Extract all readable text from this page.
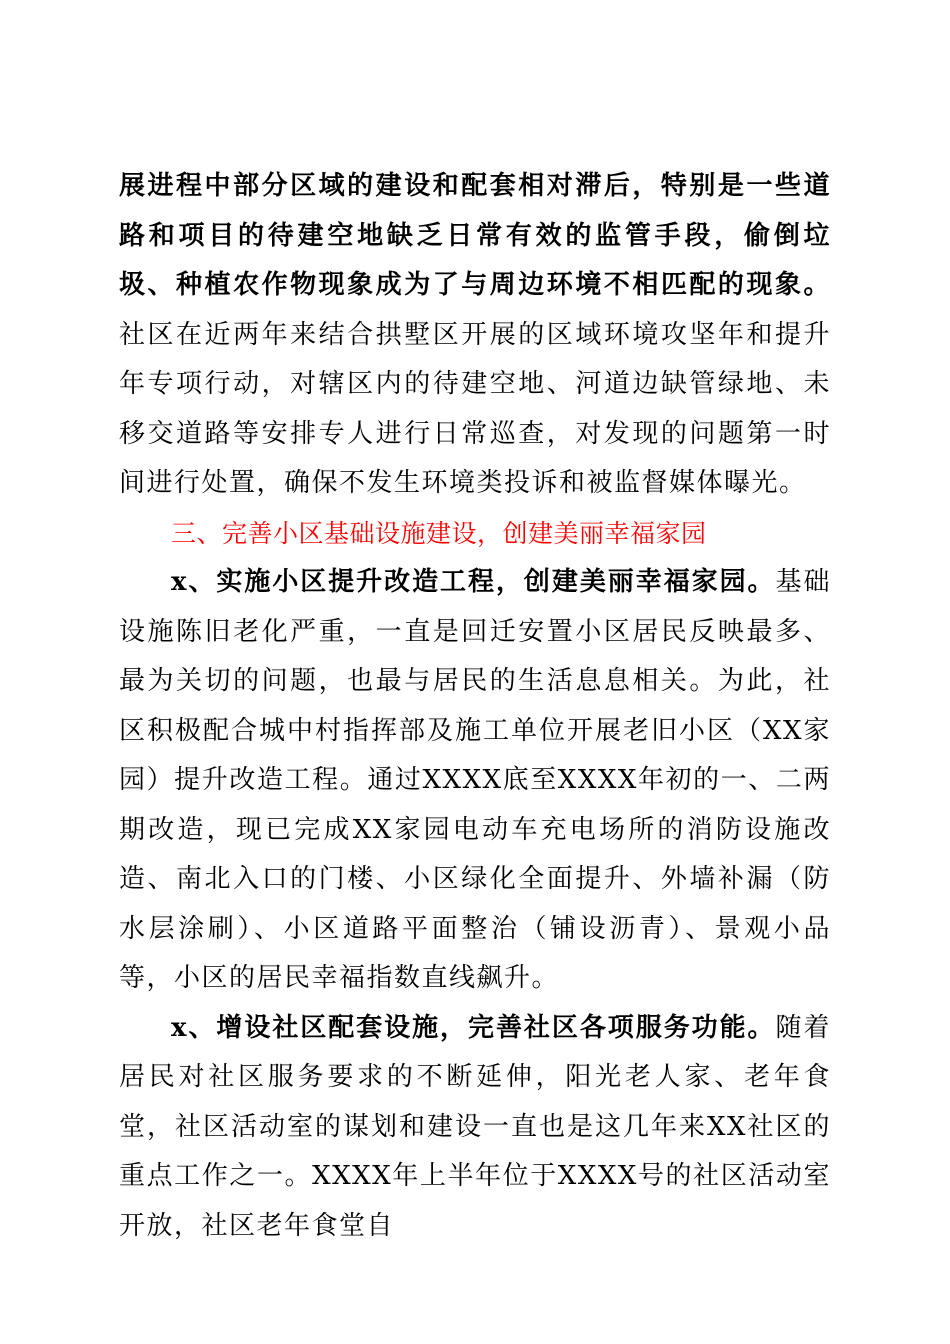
展进程中部分区域的建设和配套相对滞后，特别是一些道路和项目的待建空地缺乏日常有效的监管手段，偷倒垃圾、种植农作物现象成为了与周边环境不相匹配的现象。社区在近两年来结合拱墅区开展的区域环境攻坚年和提升年专项行动，对辖区内的待建空地、河道边缺管绿地、未移交道路等安排专人进行日常巡查，对发现的问题第一时间进行处置，确保不发生环境类投诉和被监督媒体曝光。

三、完善小区基础设施建设，创建美丽幸福家园

x、实施小区提升改造工程，创建美丽幸福家园。基础设施陈旧老化严重，一直是回迁安置小区居民反映最多、最为关切的问题，也最与居民的生活息息相关。为此，社区积极配合城中村指挥部及施工单位开展老旧小区（XX家园）提升改造工程。通过XXXX底至XXXX年初的一、二两期改造，现已完成XX家园电动车充电场所的消防设施改造、南北入口的门楼、小区绿化全面提升、外墙补漏（防水层涂刷）、小区道路平面整治（铺设沥青）、景观小品等，小区的居民幸福指数直线飙升。

x、增设社区配套设施，完善社区各项服务功能。随着居民对社区服务要求的不断延伸，阳光老人家、老年食堂，社区活动室的谋划和建设一直也是这几年来XX社区的重点工作之一。XXXX年上半年位于XXXX号的社区活动室开放，社区老年食堂自
